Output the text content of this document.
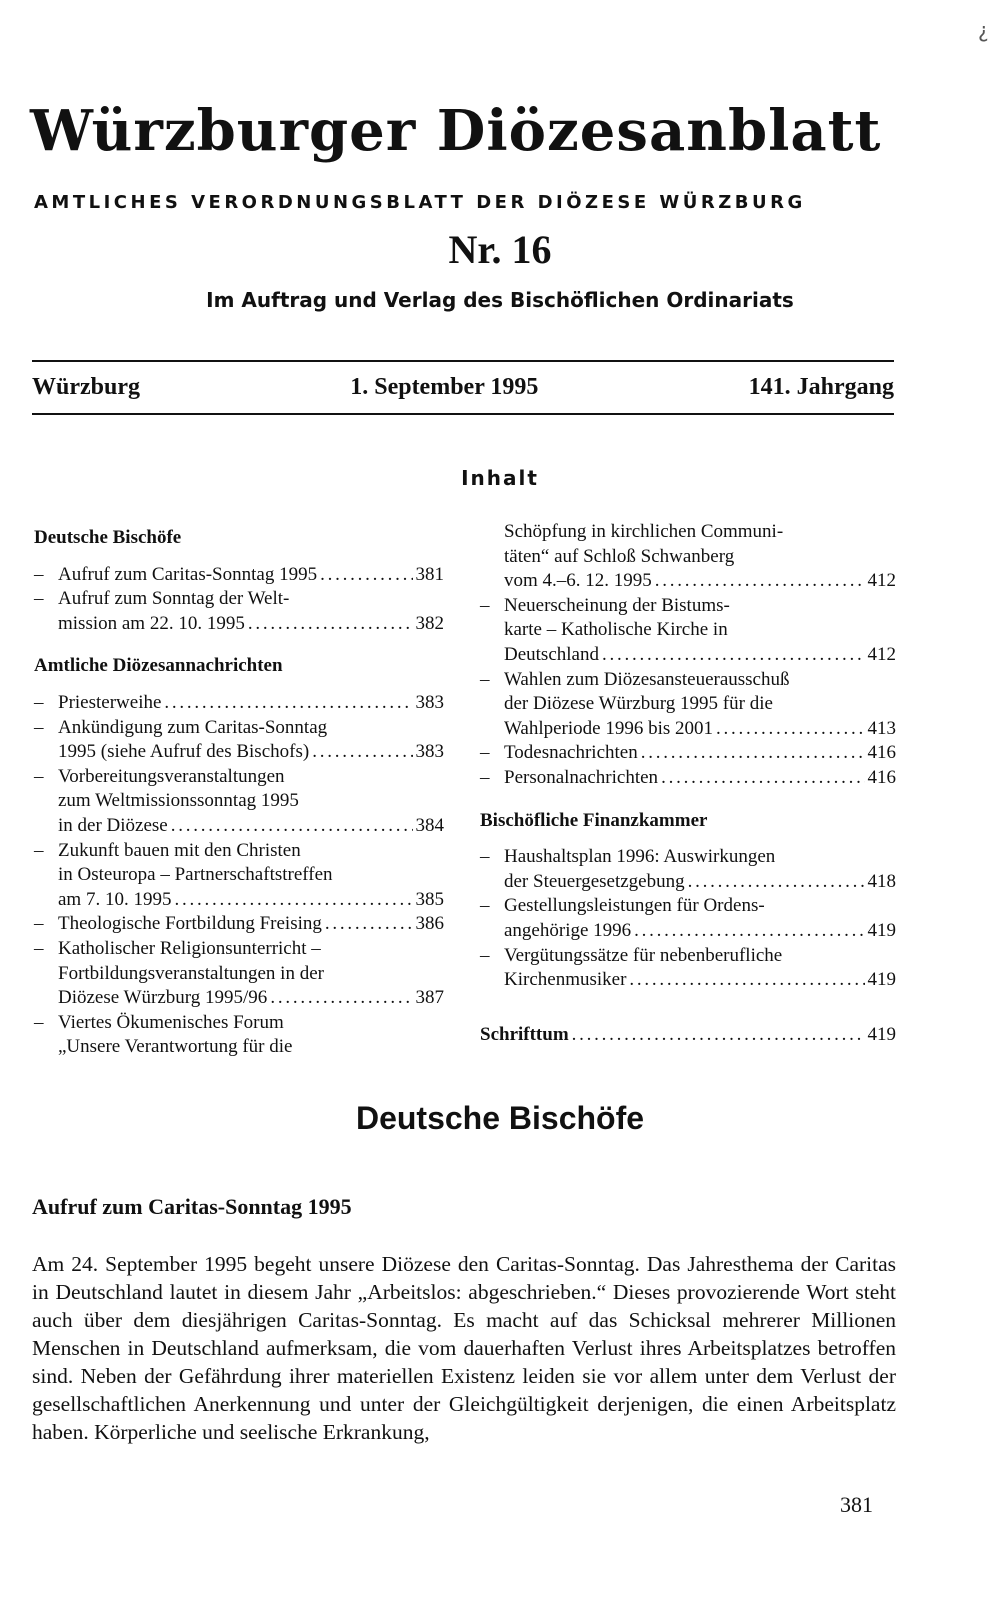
¿
Würzburger Diözesanblatt
AMTLICHES VERORDNUNGSBLATT DER DIÖZESE WÜRZBURG
Nr. 16
Im Auftrag und Verlag des Bischöflichen Ordinariats
Würzburg	1. September 1995	141. Jahrgang
Inhalt
Deutsche Bischöfe
– Aufruf zum Caritas-Sonntag 1995 . . .	381
– Aufruf zum Sonntag der Welt-
mission am 22. 10. 1995 . . .	382
Amtliche Diözesannachrichten
– Priesterweihe . . .	383
– Ankündigung zum Caritas-Sonntag
1995 (siehe Aufruf des Bischofs) . . .	383
– Vorbereitungsveranstaltungen
zum Weltmissionssonntag 1995
in der Diözese . . .	384
– Zukunft bauen mit den Christen
in Osteuropa – Partnerschaftstreffen
am 7. 10. 1995 . . .	385
– Theologische Fortbildung Freising . . .	386
– Katholischer Religionsunterricht –
Fortbildungsveranstaltungen in der
Diözese Würzburg 1995/96 . . .	387
– Viertes Ökumenisches Forum
„Unsere Verantwortung für die
Schöpfung in kirchlichen Communi-
täten“ auf Schloß Schwanberg
vom 4.–6. 12. 1995 . . .	412
– Neuerscheinung der Bistums-
karte – Katholische Kirche in
Deutschland . . .	412
– Wahlen zum Diözesansteuerausschuß
der Diözese Würzburg 1995 für die
Wahlperiode 1996 bis 2001 . . .	413
– Todesnachrichten . . .	416
– Personalnachrichten . . .	416
Bischöfliche Finanzkammer
– Haushaltsplan 1996: Auswirkungen
der Steuergesetzgebung . . .	418
– Gestellungsleistungen für Ordens-
angehörige 1996 . . .	419
– Vergütungssätze für nebenberufliche
Kirchenmusiker . . .	419
Schrifttum . . .	419
Deutsche Bischöfe
Aufruf zum Caritas-Sonntag 1995
Am 24. September 1995 begeht unsere Diözese den Caritas-Sonntag. Das Jahresthema der Caritas in Deutschland lautet in diesem Jahr „Arbeitslos: abgeschrieben.“ Dieses provozierende Wort steht auch über dem diesjährigen Caritas-Sonntag. Es macht auf das Schicksal mehrerer Millionen Menschen in Deutschland aufmerksam, die vom dauerhaften Verlust ihres Arbeitsplatzes betroffen sind. Neben der Gefährdung ihrer materiellen Existenz leiden sie vor allem unter dem Verlust der gesellschaftlichen Anerkennung und unter der Gleichgültigkeit derjenigen, die einen Arbeitsplatz haben. Körperliche und seelische Erkrankung,
381
